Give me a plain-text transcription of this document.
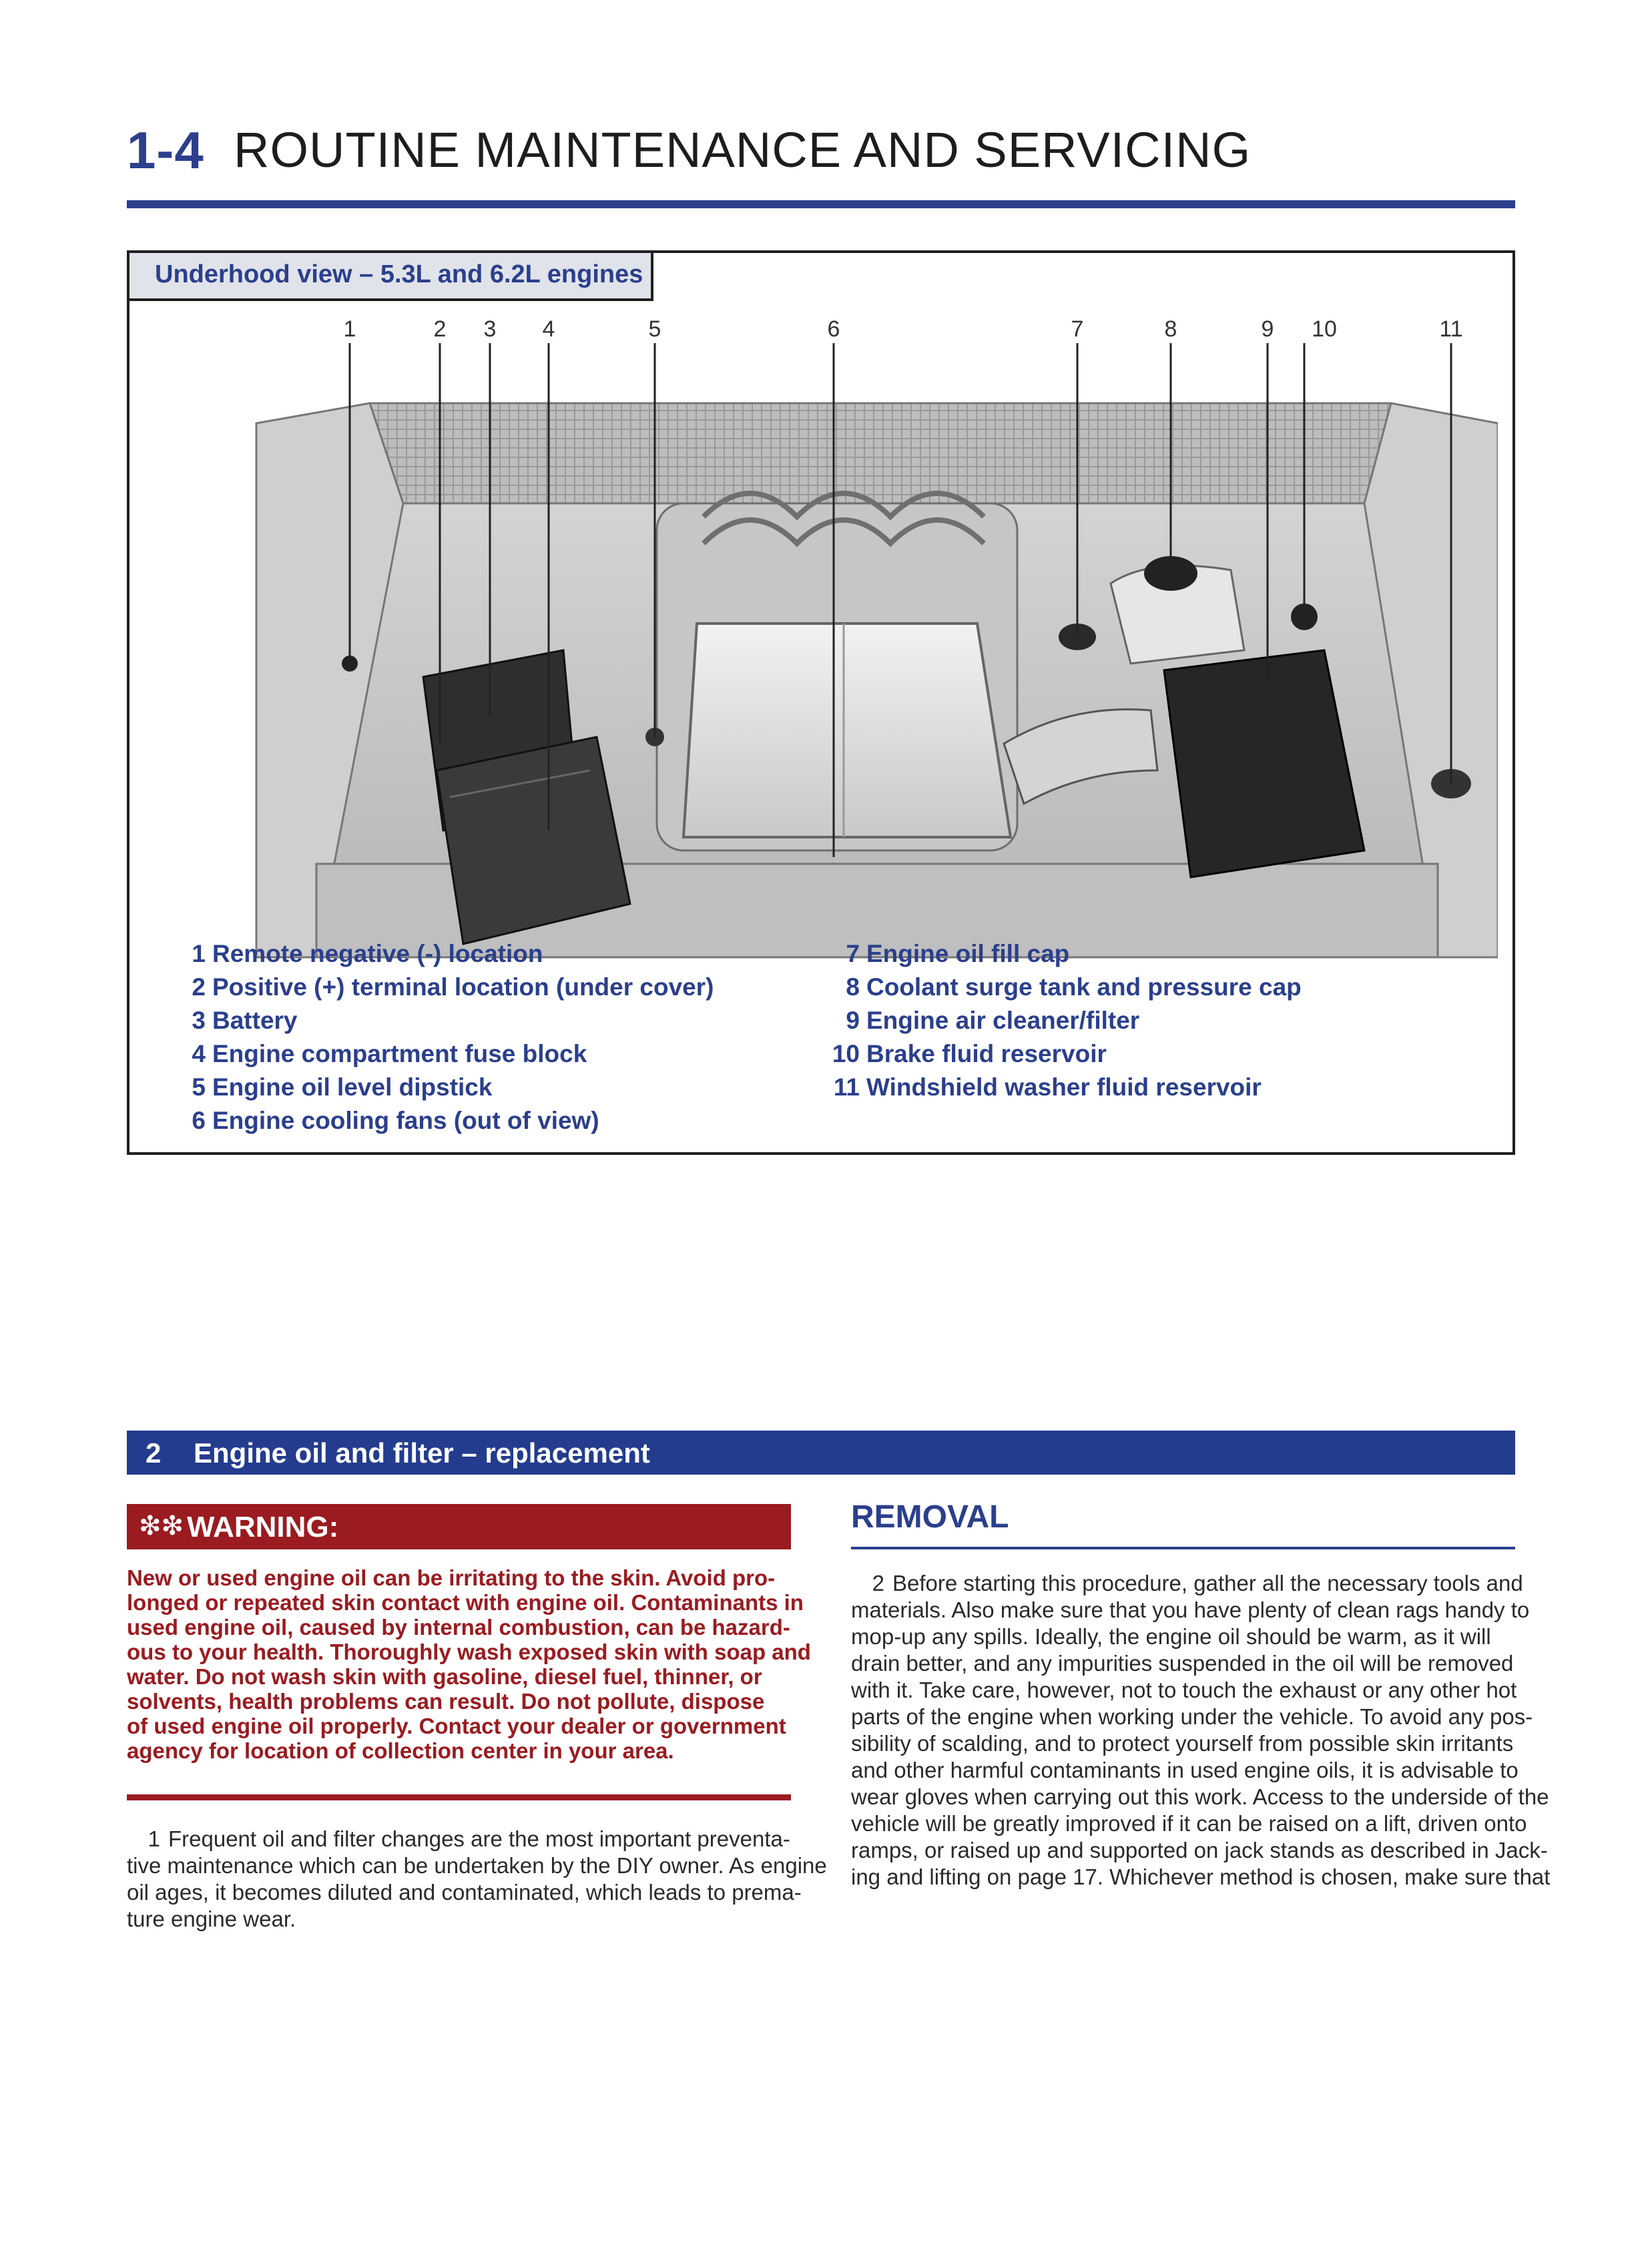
1-4 ROUTINE MAINTENANCE AND SERVICING
Underhood view – 5.3L and 6.2L engines
1	2 3 4	5	6	7	8	9 10	11
1 Remote negative (-) location
2 Positive (+) terminal location (under cover)
3 Battery
4 Engine compartment fuse block
5 Engine oil level dipstick
6 Engine cooling fans (out of view)
7 Engine oil fill cap
8 Coolant surge tank and pressure cap
9 Engine air cleaner/filter
10 Brake fluid reservoir
11 Windshield washer fluid reservoir
2 Engine oil and filter – replacement
❇❇ WARNING:
New or used engine oil can be irritating to the skin. Avoid pro-
longed or repeated skin contact with engine oil. Contaminants in
used engine oil, caused by internal combustion, can be hazard-
ous to your health. Thoroughly wash exposed skin with soap and
water. Do not wash skin with gasoline, diesel fuel, thinner, or
solvents, health problems can result. Do not pollute, dispose
of used engine oil properly. Contact your dealer or government
agency for location of collection center in your area.
1 Frequent oil and filter changes are the most important preventa-
tive maintenance which can be undertaken by the DIY owner. As engine
oil ages, it becomes diluted and contaminated, which leads to prema-
ture engine wear.
REMOVAL
2 Before starting this procedure, gather all the necessary tools and
materials. Also make sure that you have plenty of clean rags handy to
mop-up any spills. Ideally, the engine oil should be warm, as it will
drain better, and any impurities suspended in the oil will be removed
with it. Take care, however, not to touch the exhaust or any other hot
parts of the engine when working under the vehicle. To avoid any pos-
sibility of scalding, and to protect yourself from possible skin irritants
and other harmful contaminants in used engine oils, it is advisable to
wear gloves when carrying out this work. Access to the underside of the
vehicle will be greatly improved if it can be raised on a lift, driven onto
ramps, or raised up and supported on jack stands as described in Jack-
ing and lifting on page 17. Whichever method is chosen, make sure that
